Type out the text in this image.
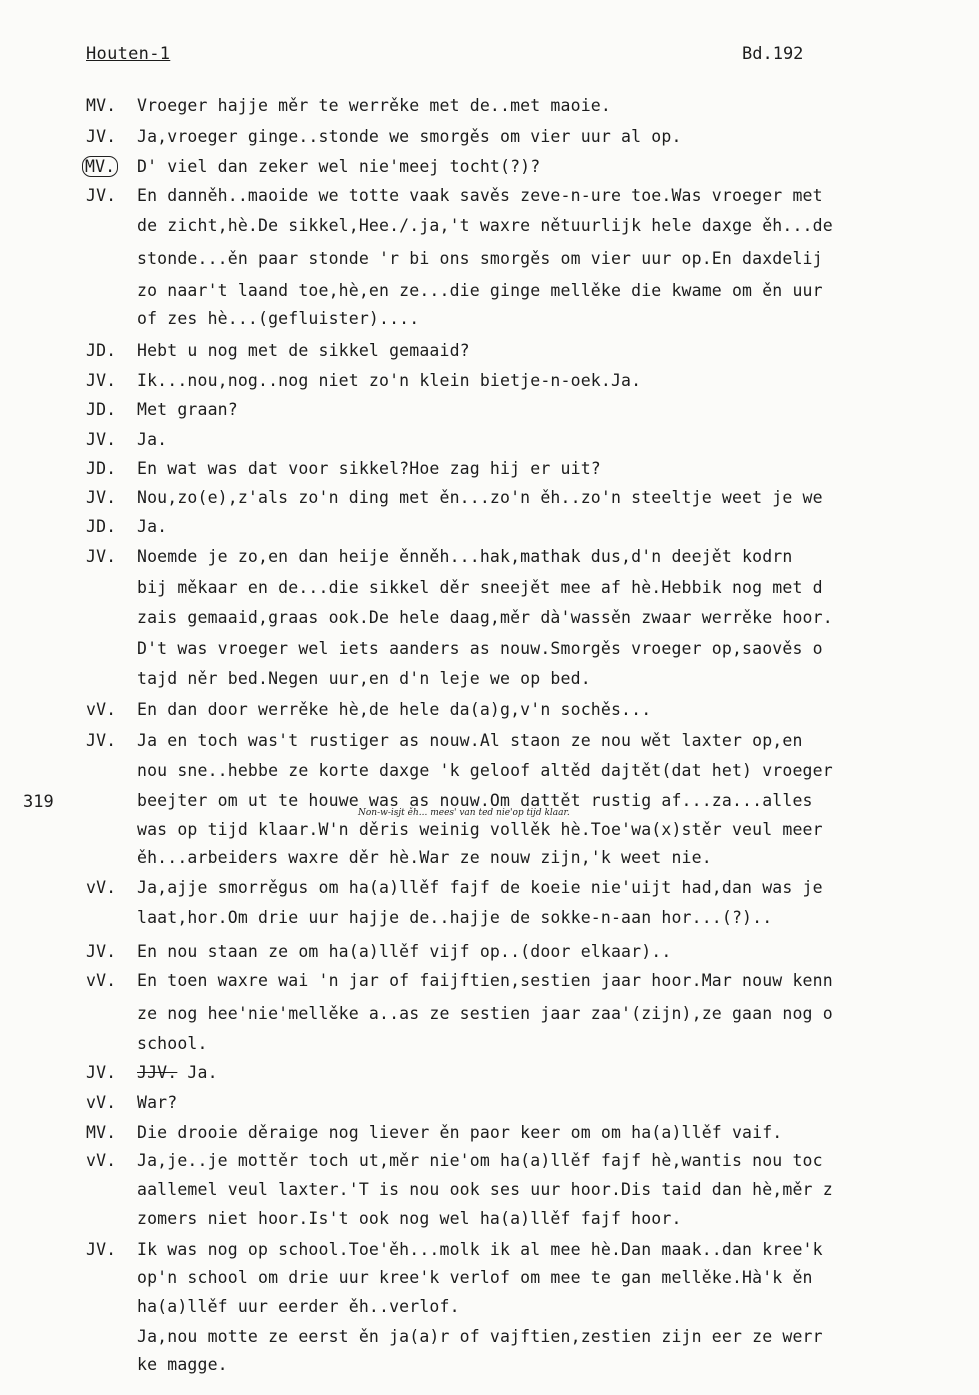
Houten-1	Bd.192
319
Non-w-isjt ěh... mees' van ted nie'op tijd klaar.
MV.	Vroeger hajje měr te werrěke met de..met maoie.
JV.	Ja,vroeger ginge..stonde we smorgěs om vier uur al op.
MV.	D' viel dan zeker wel nie'meej tocht(?)?
JV.	En danněh..maoide we totte vaak savěs zeve-n-ure toe.Was vroeger met
de zicht,hè.De sikkel,Hee./.ja,'t waxre nětuurlijk hele daxge ěh...de
stonde...ěn paar stonde 'r bi ons smorgěs om vier uur op.En daxdelij
zo naar't laand toe,hè,en ze...die ginge mellěke die kwame om ěn uur
of zes hè...(gefluister)....
JD.	Hebt u nog met de sikkel gemaaid?
JV.	Ik...nou,nog..nog niet zo'n klein bietje-n-oek.Ja.
JD.	Met graan?
JV.	Ja.
JD.	En wat was dat voor sikkel?Hoe zag hij er uit?
JV.	Nou,zo(e),z'als zo'n ding met ěn...zo'n ěh..zo'n steeltje weet je we
JD.	Ja.
JV.	Noemde je zo,en dan heije ěnněh...hak,mathak dus,d'n deejět kodrn
bij měkaar en de...die sikkel děr sneejět mee af hè.Hebbik nog met d
zais gemaaid,graas ook.De hele daag,měr dà'wassěn zwaar werrěke hoor.
D't was vroeger wel iets aanders as nouw.Smorgěs vroeger op,saověs o
tajd něr bed.Negen uur,en d'n leje we op bed.
vV.	En dan door werrěke hè,de hele da(a)g,v'n sochěs...
JV.	Ja en toch was't rustiger as nouw.Al staon ze nou wět laxter op,en
nou sne..hebbe ze korte daxge 'k geloof altěd dajtět(dat het) vroeger
beejter om ut te houwe was as nouw.Om dattět rustig af...za...alles
was op tijd klaar.W'n děris weinig vollěk hè.Toe'wa(x)stěr veul meer
ěh...arbeiders waxre děr hè.War ze nouw zijn,'k weet nie.
vV.	Ja,ajje smorrěgus om ha(a)llěf fajf de koeie nie'uijt had,dan was je
laat,hor.Om drie uur hajje de..hajje de sokke-n-aan hor...(?)..
JV.	En nou staan ze om ha(a)llěf vijf op..(door elkaar)..
vV.	En toen waxre wai 'n jar of faijftien,sestien jaar hoor.Mar nouw kenn
ze nog hee'nie'mellěke a..as ze sestien jaar zaa'(zijn),ze gaan nog o
school.
JV.	JJV. Ja.
vV.	War?
MV.	Die drooie děraige nog liever ěn paor keer om om ha(a)llěf vaif.
vV.	Ja,je..je mottěr toch ut,měr nie'om ha(a)llěf fajf hè,wantis nou toc
aallemel veul laxter.'T is nou ook ses uur hoor.Dis taid dan hè,měr z
zomers niet hoor.Is't ook nog wel ha(a)llěf fajf hoor.
JV.	Ik was nog op school.Toe'ěh...molk ik al mee hè.Dan maak..dan kree'k
op'n school om drie uur kree'k verlof om mee te gan mellěke.Hà'k ěn
ha(a)llěf uur eerder ěh..verlof.
Ja,nou motte ze eerst ěn ja(a)r of vajftien,zestien zijn eer ze werr
ke magge.
